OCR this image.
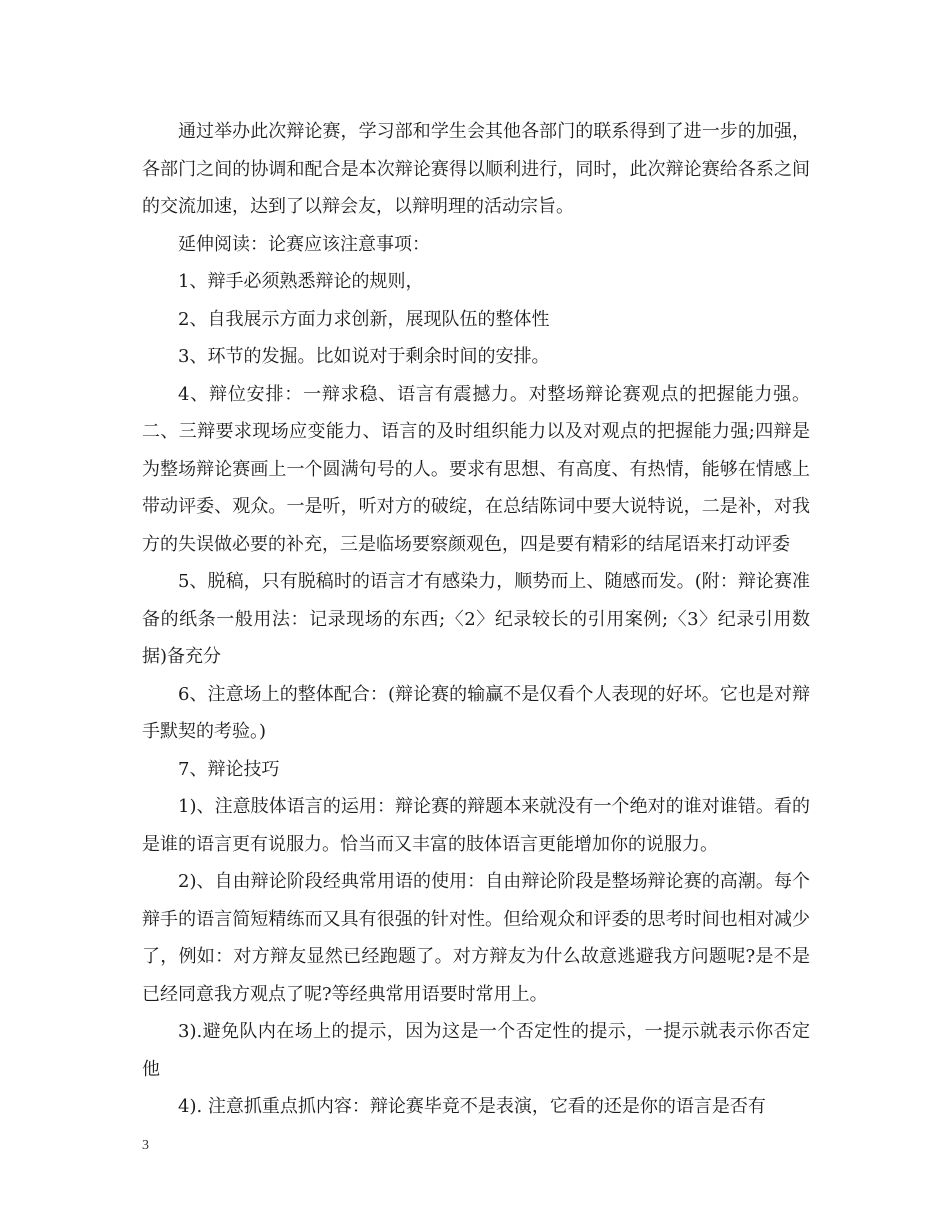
通过举办此次辩论赛，学习部和学生会其他各部门的联系得到了进一步的加强，各部门之间的协调和配合是本次辩论赛得以顺利进行，同时，此次辩论赛给各系之间的交流加速，达到了以辩会友，以辩明理的活动宗旨。

延伸阅读：论赛应该注意事项：

1、辩手必须熟悉辩论的规则，

2、自我展示方面力求创新，展现队伍的整体性

3、环节的发掘。比如说对于剩余时间的安排。

4、辩位安排：一辩求稳、语言有震撼力。对整场辩论赛观点的把握能力强。二、三辩要求现场应变能力、语言的及时组织能力以及对观点的把握能力强;四辩是为整场辩论赛画上一个圆满句号的人。要求有思想、有高度、有热情，能够在情感上带动评委、观众。一是听，听对方的破绽，在总结陈词中要大说特说，二是补，对我方的失误做必要的补充，三是临场要察颜观色，四是要有精彩的结尾语来打动评委

5、脱稿，只有脱稿时的语言才有感染力，顺势而上、随感而发。(附：辩论赛准备的纸条一般用法：记录现场的东西;〈2〉纪录较长的引用案例;〈3〉纪录引用数据)备充分

6、注意场上的整体配合：(辩论赛的输赢不是仅看个人表现的好坏。它也是对辩手默契的考验。)

7、辩论技巧

1)、注意肢体语言的运用：辩论赛的辩题本来就没有一个绝对的谁对谁错。看的是谁的语言更有说服力。恰当而又丰富的肢体语言更能增加你的说服力。

2)、自由辩论阶段经典常用语的使用：自由辩论阶段是整场辩论赛的高潮。每个辩手的语言简短精练而又具有很强的针对性。但给观众和评委的思考时间也相对减少了，例如：对方辩友显然已经跑题了。对方辩友为什么故意逃避我方问题呢?是不是已经同意我方观点了呢?等经典常用语要时常用上。

3).避免队内在场上的提示，因为这是一个否定性的提示，一提示就表示你否定他

4). 注意抓重点抓内容：辩论赛毕竟不是表演，它看的还是你的语言是否有

3
